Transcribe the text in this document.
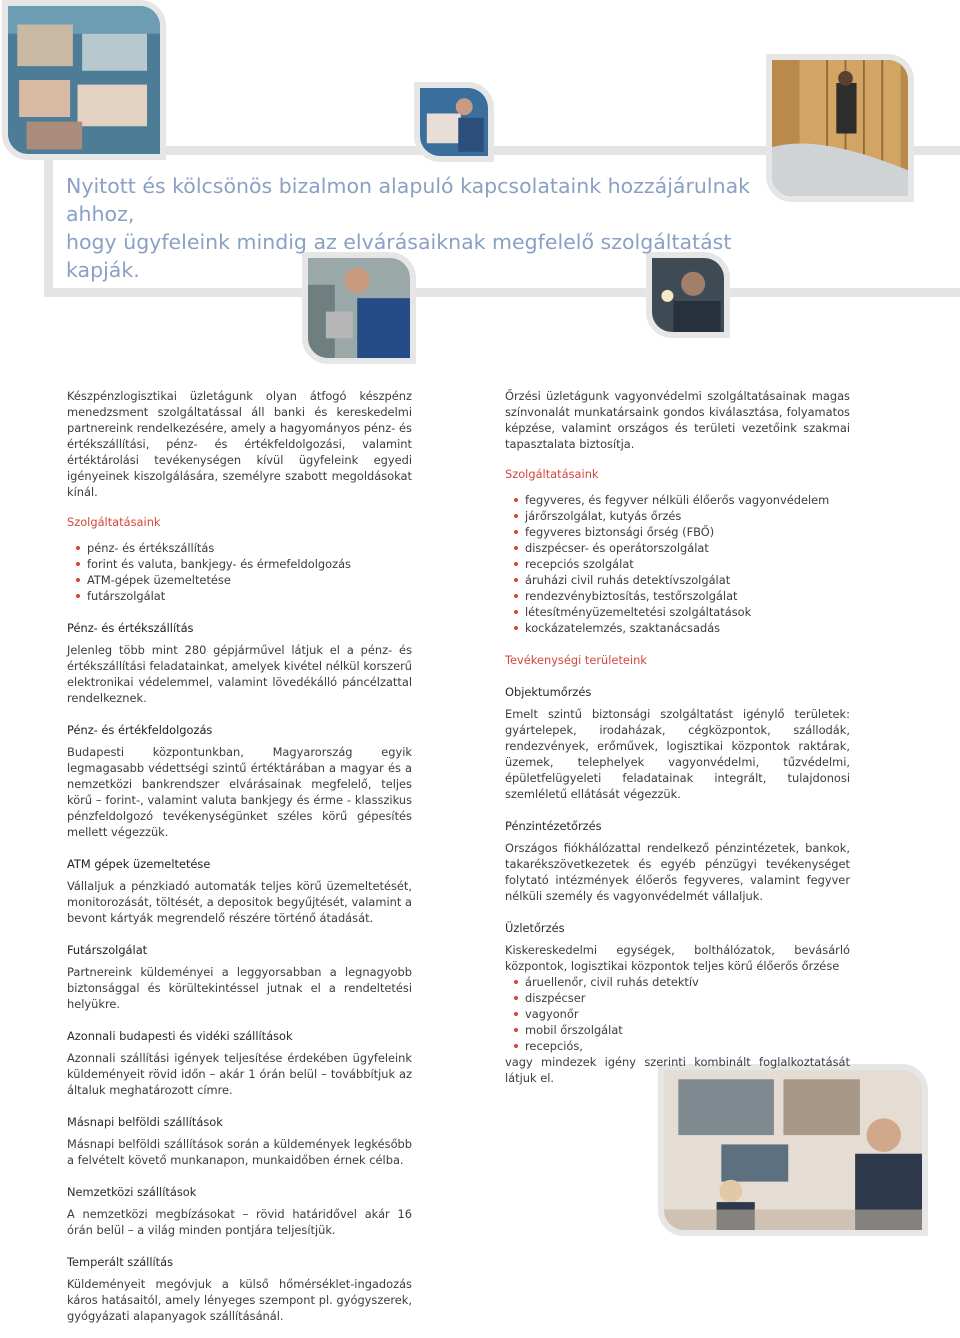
Nyitott és kölcsönös bizalmon alapuló kapcsolataink hozzájárulnak ahhoz,
hogy ügyfeleink mindig az elvárásaiknak megfelelő szolgáltatást kapják.

Készpénzlogisztikai üzletágunk olyan átfogó készpénz menedzsment szolgáltatással áll banki és kereskedelmi partnereink rendelkezésére, amely a hagyományos pénz- és értékszállítási, pénz- és értékfeldolgozási, valamint értéktárolási tevékenységen kívül ügyfeleink egyedi igényeinek kiszolgálására, személyre szabott megoldásokat kínál.

Szolgáltatásaink
pénz- és értékszállítás
forint és valuta, bankjegy- és érmefeldolgozás
ATM-gépek üzemeltetése
futárszolgálat
Pénz- és értékszállítás

Jelenleg több mint 280 gépjárművel látjuk el a pénz- és értékszállítási feladatainkat, amelyek kivétel nélkül korszerű elektronikai védelemmel, valamint lövedékálló páncélzattal rendelkeznek.

Pénz- és értékfeldolgozás

Budapesti központunkban, Magyarország egyik legmagasabb védettségi szintű értéktárában a magyar és a nemzetközi bankrendszer elvárásainak megfelelő, teljes körű – forint-, valamint valuta bankjegy és érme - klasszikus pénzfeldolgozó tevékenységünket széles körű gépesítés mellett végezzük.

ATM gépek üzemeltetése

Vállaljuk a pénzkiadó automaták teljes körű üzemeltetését, monitorozását, töltését, a depositok begyűjtését, valamint a bevont kártyák megrendelő részére történő átadását.

Futárszolgálat

Partnereink küldeményei a leggyorsabban a legnagyobb biztonsággal és körültekintéssel jutnak el a rendeltetési helyükre.

Azonnali budapesti és vidéki szállítások

Azonnali szállítási igények teljesítése érdekében ügyfeleink küldeményeit rövid időn – akár 1 órán belül – továbbítjuk az általuk meghatározott címre.

Másnapi belföldi szállítások

Másnapi belföldi szállítások során a küldemények legkésőbb a felvételt követő munkanapon, munkaidőben érnek célba.

Nemzetközi szállítások

A nemzetközi megbízásokat – rövid határidővel akár 16 órán belül – a világ minden pontjára teljesítjük.

Temperált szállítás

Küldeményeit megóvjuk a külső hőmérséklet-ingadozás káros hatásaitól, amely lényeges szempont pl. gyógyszerek, gyógyázati alapanyagok szállításánál.

Őrzési üzletágunk vagyonvédelmi szolgáltatásainak magas színvonalát munkatársaink gondos kiválasztása, folyamatos képzése, valamint országos és területi vezetőink szakmai tapasztalata biztosítja.

Szolgáltatásaink
fegyveres, és fegyver nélküli élőerős vagyonvédelem
járőrszolgálat, kutyás őrzés
fegyveres biztonsági őrség (FBŐ)
diszpécser- és operátorszolgálat
recepciós szolgálat
áruházi civil ruhás detektívszolgálat
rendezvénybiztosítás, testőrszolgálat
létesítményüzemeltetési szolgáltatások
kockázatelemzés, szaktanácsadás
Tevékenységi területeink
Objektumőrzés

Emelt szintű biztonsági szolgáltatást igénylő területek: gyártelepek, irodaházak, cégközpontok, szállodák, rendezvények, erőművek, logisztikai központok raktárak, üzemek, telephelyek vagyonvédelmi, tűzvédelmi, épületfelügyeleti feladatainak integrált, tulajdonosi szemléletű ellátását végezzük.

Pénzintézetőrzés

Országos fiókhálózattal rendelkező pénzintézetek, bankok, takarékszövetkezetek és egyéb pénzügyi tevékenységet folytató intézmények élőerős fegyveres, valamint fegyver nélküli személy és vagyonvédelmét vállaljuk.

Üzletőrzés

Kiskereskedelmi egységek, bolthálózatok, bevásárló központok, logisztikai központok teljes körű élőerős őrzése

áruellenőr, civil ruhás detektív
diszpécser
vagyonőr
mobil őrszolgálat
recepciós,

vagy mindezek igény szerinti kombinált foglalkoztatását látjuk el.
